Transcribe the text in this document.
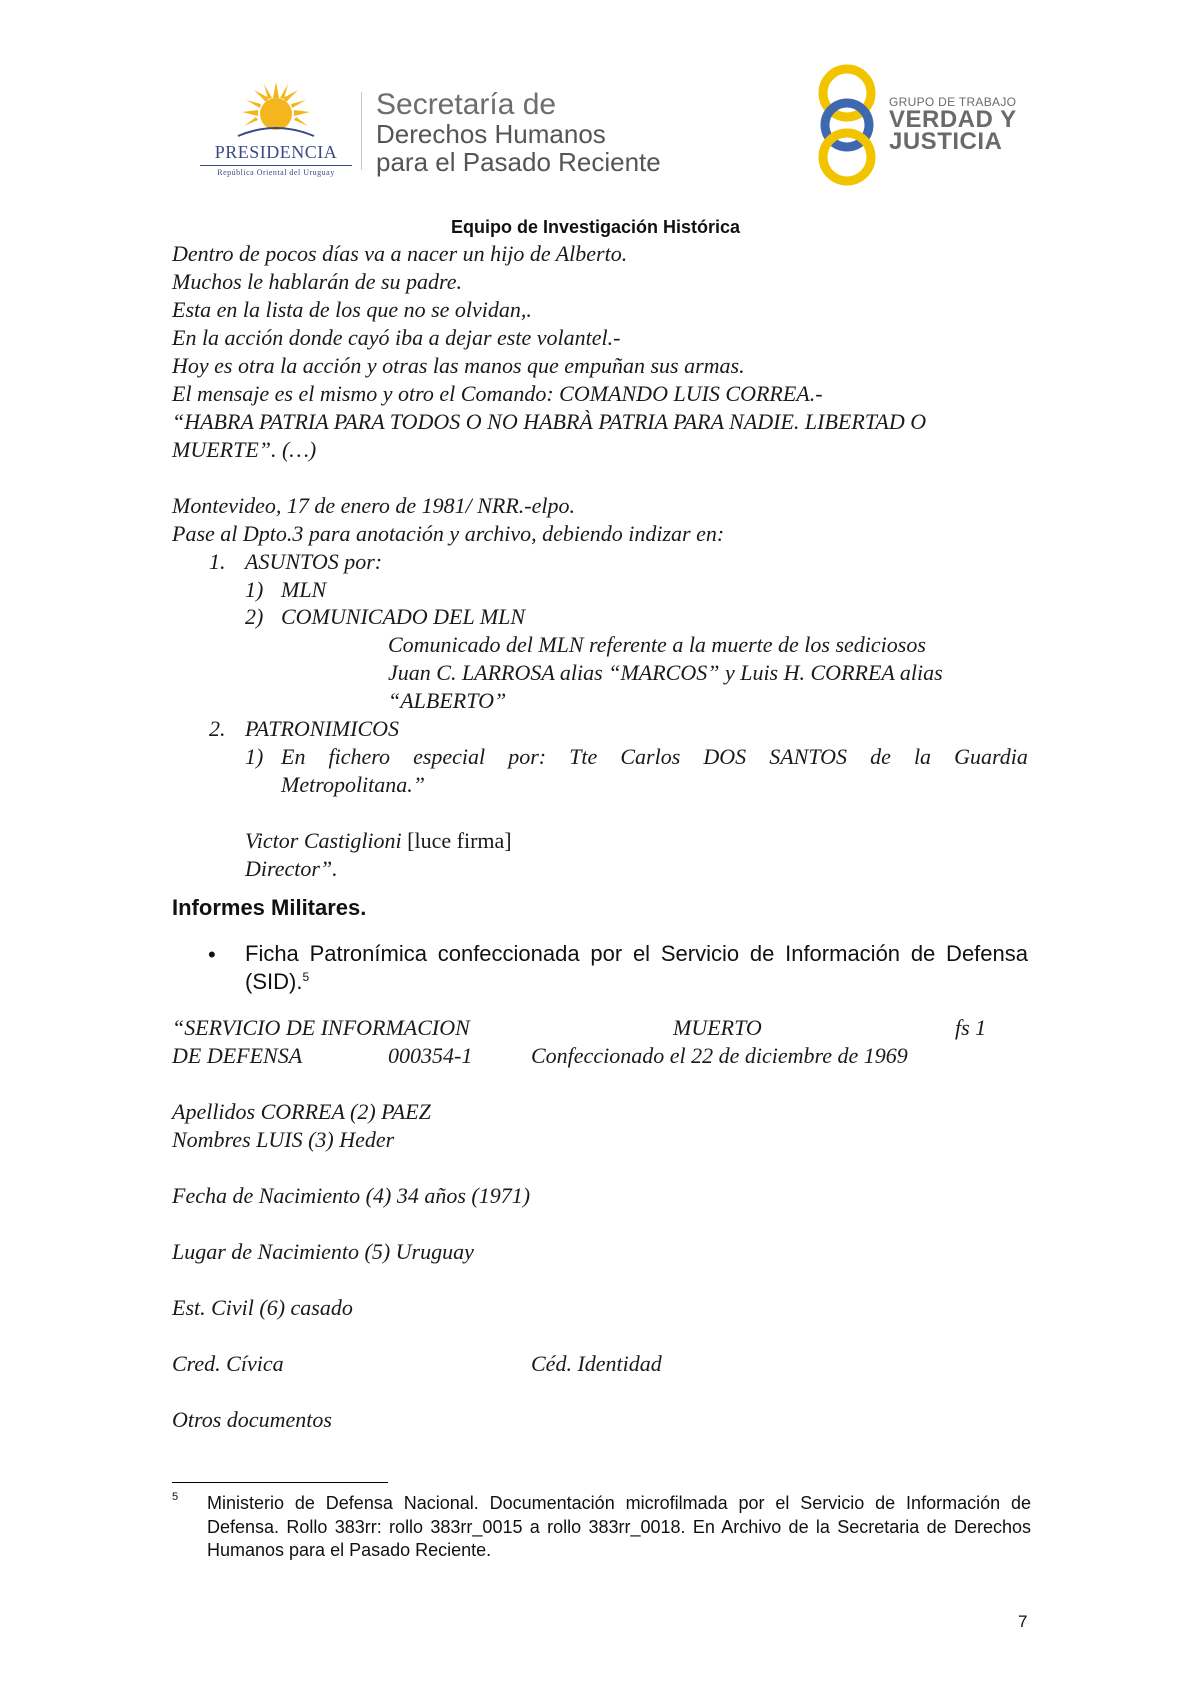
PRESIDENCIA
República Oriental del Uruguay
Secretaría de
Derechos Humanos
para el Pasado Reciente
GRUPO DE TRABAJO
VERDAD Y
JUSTICIA
Equipo de Investigación Histórica
Dentro de pocos días va a nacer un hijo de Alberto.
Muchos le hablarán de su padre.
Esta en la lista de los que no se olvidan,.
En la acción donde cayó iba a dejar este volantel.-
Hoy es otra la acción y otras las manos que empuñan sus armas.
El mensaje es el mismo y otro el Comando: COMANDO LUIS CORREA.-
“HABRA PATRIA PARA TODOS O NO HABRÀ PATRIA PARA NADIE. LIBERTAD O
MUERTE”. (…)
Montevideo, 17 de enero de 1981/ NRR.-elpo.
Pase al Dpto.3 para anotación y archivo, debiendo indizar en:
1. ASUNTOS por:
1) MLN
2) COMUNICADO DEL MLN
Comunicado del MLN referente a la muerte de los sediciosos
Juan C. LARROSA alias “MARCOS” y Luis H. CORREA alias
“ALBERTO”
2. PATRONIMICOS
1) En fichero especial por: Tte Carlos DOS SANTOS de la Guardia
Metropolitana.”
Victor Castiglioni [luce firma]
Director”.
Informes Militares.
• Ficha Patronímica confeccionada por el Servicio de Información de Defensa (SID).$^5$
“SERVICIO DE INFORMACION	MUERTO	fs 1
DE DEFENSA	000354-1	Confeccionado el 22 de diciembre de 1969
Apellidos CORREA (2) PAEZ
Nombres LUIS (3) Heder
Fecha de Nacimiento (4) 34 años (1971)
Lugar de Nacimiento (5) Uruguay
Est. Civil (6) casado
Cred. Cívica	Céd. Identidad
Otros documentos
5 Ministerio de Defensa Nacional. Documentación microfilmada por el Servicio de Información de Defensa. Rollo 383rr: rollo 383rr_0015 a rollo 383rr_0018. En Archivo de la Secretaria de Derechos Humanos para el Pasado Reciente.
7
